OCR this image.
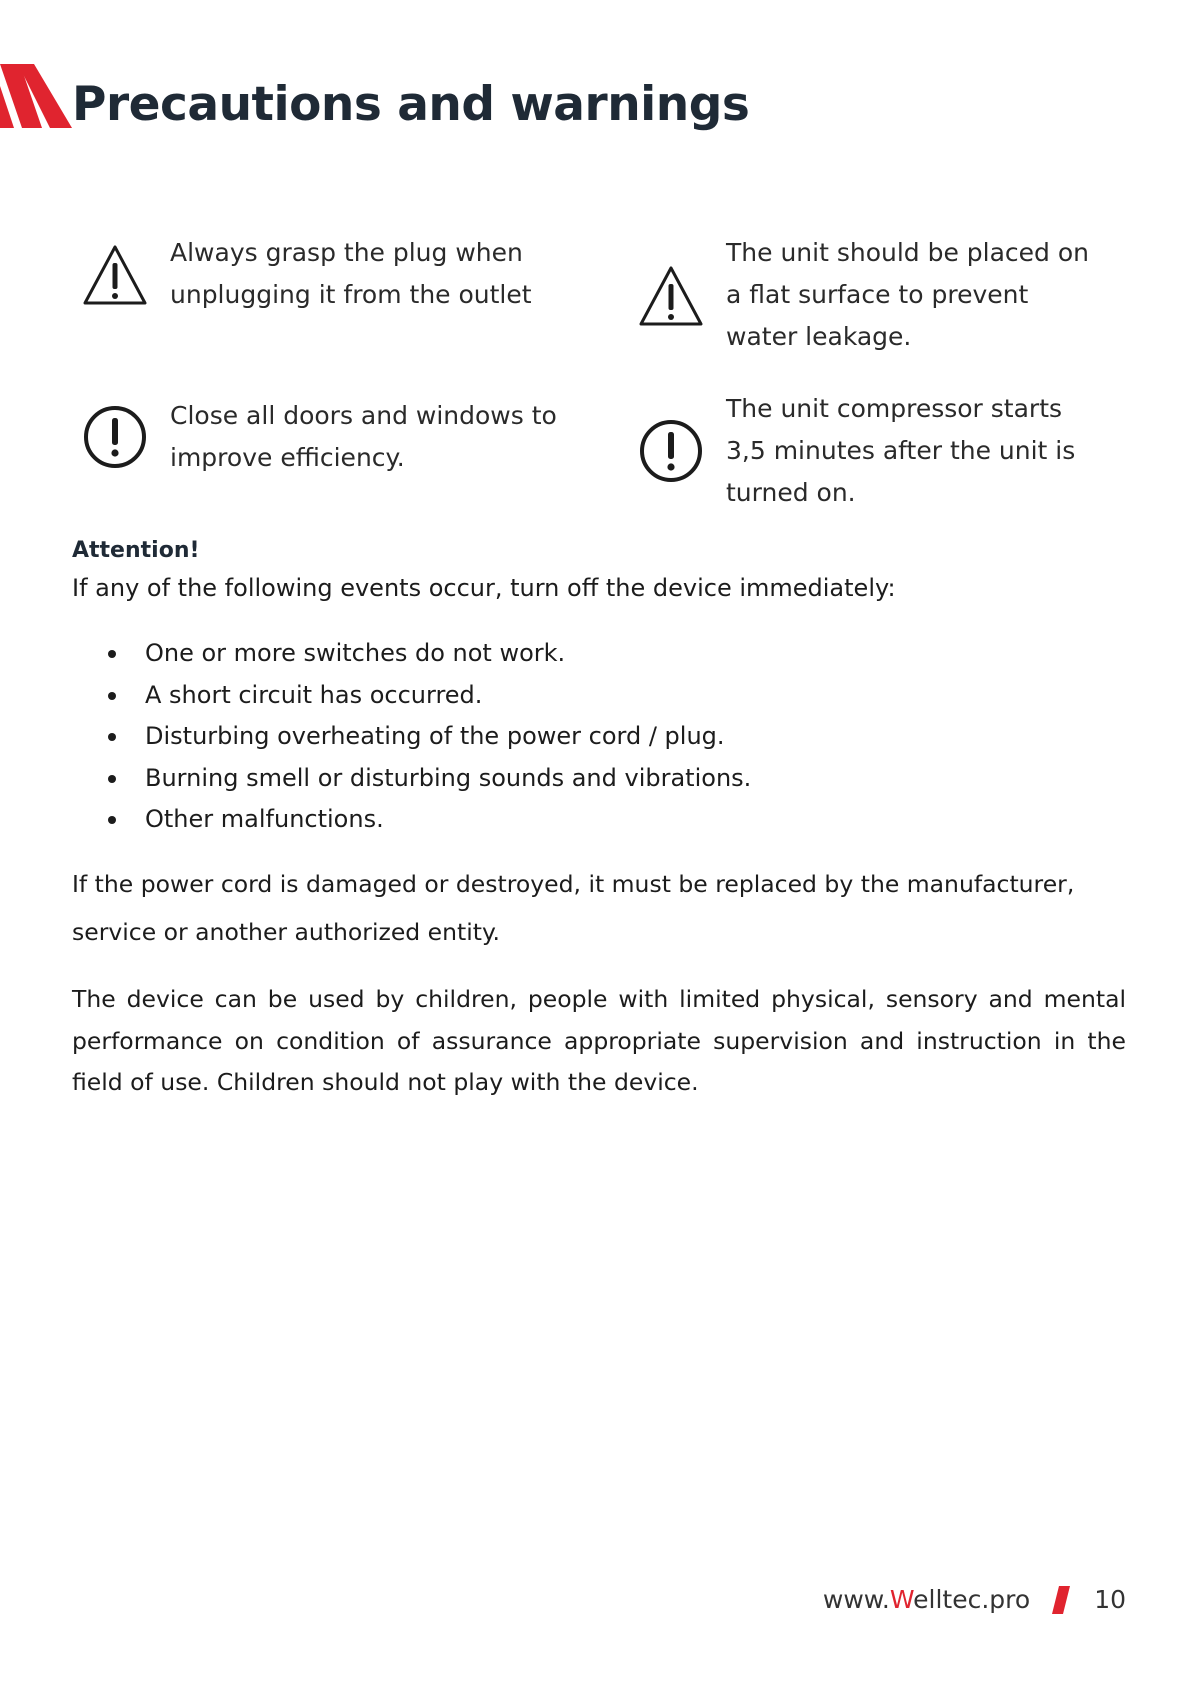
Precautions and warnings
Always grasp the plug when unplugging it from the outlet
The unit should be placed on a flat surface to prevent water leakage.
Close all doors and windows to improve efficiency.
The unit compressor starts 3,5 minutes after the unit is turned on.
Attention!

If any of the following events occur, turn off the device immediately:

One or more switches do not work.
A short circuit has occurred.
Disturbing overheating of the power cord / plug.
Burning smell or disturbing sounds and vibrations.
Other malfunctions.

If the power cord is damaged or destroyed, it must be replaced by the manufacturer, service or another authorized entity.

The device can be used by children, people with limited physical, sensory and mental performance on condition of assurance appropriate supervision and instruction in the field of use. Children should not play with the device.

www.Welltec.pro	10
